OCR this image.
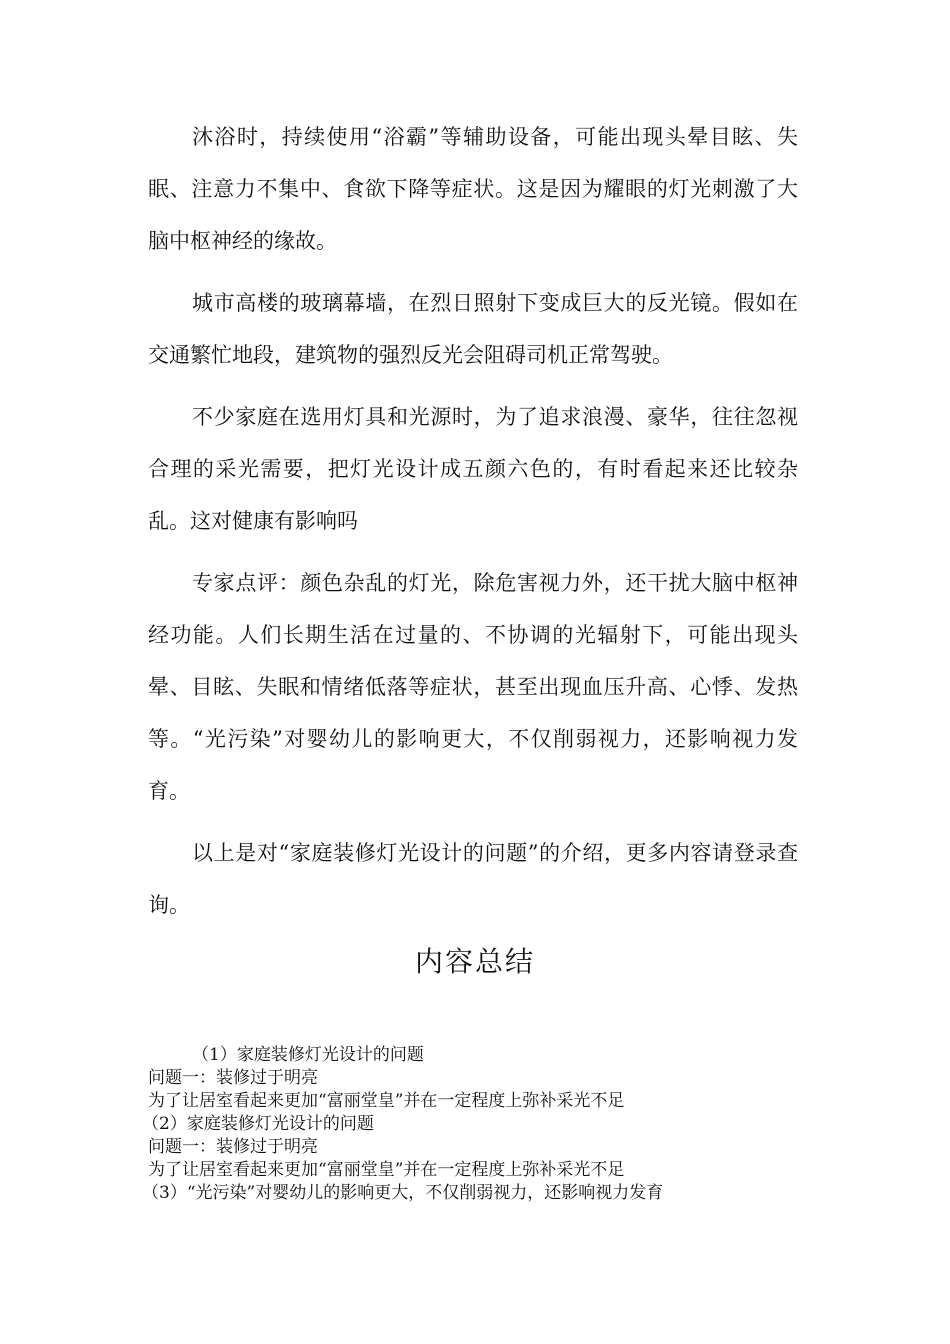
沐浴时，持续使用“浴霸”等辅助设备，可能出现头晕目眩、失眠、注意力不集中、食欲下降等症状。这是因为耀眼的灯光刺激了大脑中枢神经的缘故。

城市高楼的玻璃幕墙，在烈日照射下变成巨大的反光镜。假如在交通繁忙地段，建筑物的强烈反光会阻碍司机正常驾驶。

不少家庭在选用灯具和光源时，为了追求浪漫、豪华，往往忽视合理的采光需要，把灯光设计成五颜六色的，有时看起来还比较杂乱。这对健康有影响吗

专家点评：颜色杂乱的灯光，除危害视力外，还干扰大脑中枢神经功能。人们长期生活在过量的、不协调的光辐射下，可能出现头晕、目眩、失眠和情绪低落等症状，甚至出现血压升高、心悸、发热等。“光污染”对婴幼儿的影响更大，不仅削弱视力，还影响视力发育。

以上是对“家庭装修灯光设计的问题”的介绍，更多内容请登录查询。

内容总结
（1）家庭装修灯光设计的问题
问题一：装修过于明亮
为了让居室看起来更加“富丽堂皇”并在一定程度上弥补采光不足
（2）家庭装修灯光设计的问题
问题一：装修过于明亮
为了让居室看起来更加“富丽堂皇”并在一定程度上弥补采光不足
（3）“光污染”对婴幼儿的影响更大，不仅削弱视力，还影响视力发育
